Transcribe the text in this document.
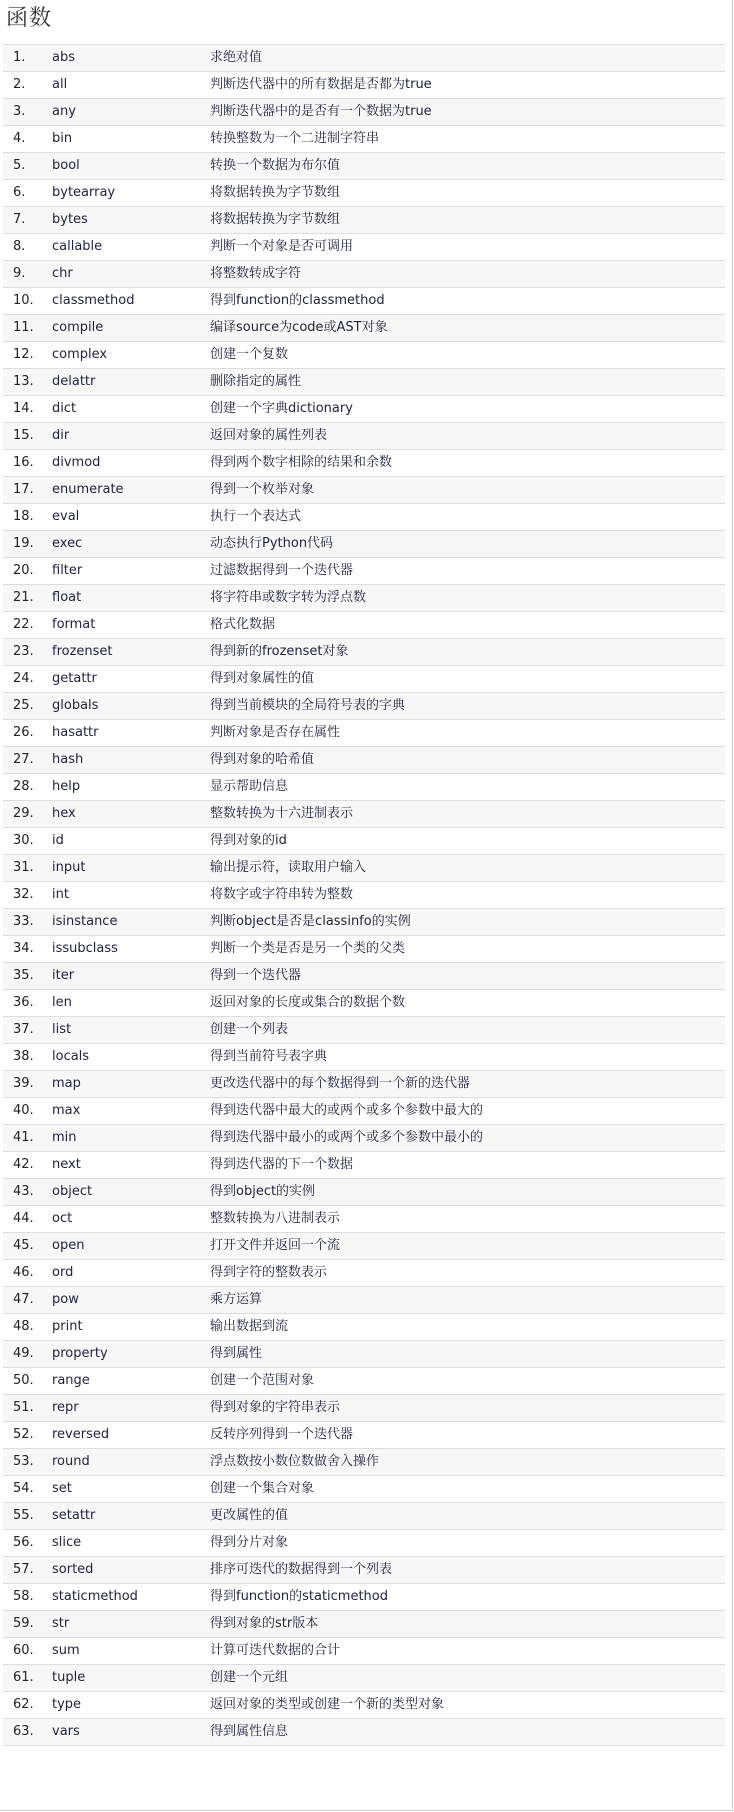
函数
1.	abs	求绝对值
2.	all	判断迭代器中的所有数据是否都为true
3.	any	判断迭代器中的是否有一个数据为true
4.	bin	转换整数为一个二进制字符串
5.	bool	转换一个数据为布尔值
6.	bytearray	将数据转换为字节数组
7.	bytes	将数据转换为字节数组
8.	callable	判断一个对象是否可调用
9.	chr	将整数转成字符
10.	classmethod	得到function的classmethod
11.	compile	编译source为code或AST对象
12.	complex	创建一个复数
13.	delattr	删除指定的属性
14.	dict	创建一个字典dictionary
15.	dir	返回对象的属性列表
16.	divmod	得到两个数字相除的结果和余数
17.	enumerate	得到一个枚举对象
18.	eval	执行一个表达式
19.	exec	动态执行Python代码
20.	filter	过滤数据得到一个迭代器
21.	float	将字符串或数字转为浮点数
22.	format	格式化数据
23.	frozenset	得到新的frozenset对象
24.	getattr	得到对象属性的值
25.	globals	得到当前模块的全局符号表的字典
26.	hasattr	判断对象是否存在属性
27.	hash	得到对象的哈希值
28.	help	显示帮助信息
29.	hex	整数转换为十六进制表示
30.	id	得到对象的id
31.	input	输出提示符，读取用户输入
32.	int	将数字或字符串转为整数
33.	isinstance	判断object是否是classinfo的实例
34.	issubclass	判断一个类是否是另一个类的父类
35.	iter	得到一个迭代器
36.	len	返回对象的长度或集合的数据个数
37.	list	创建一个列表
38.	locals	得到当前符号表字典
39.	map	更改迭代器中的每个数据得到一个新的迭代器
40.	max	得到迭代器中最大的或两个或多个参数中最大的
41.	min	得到迭代器中最小的或两个或多个参数中最小的
42.	next	得到迭代器的下一个数据
43.	object	得到object的实例
44.	oct	整数转换为八进制表示
45.	open	打开文件并返回一个流
46.	ord	得到字符的整数表示
47.	pow	乘方运算
48.	print	输出数据到流
49.	property	得到属性
50.	range	创建一个范围对象
51.	repr	得到对象的字符串表示
52.	reversed	反转序列得到一个迭代器
53.	round	浮点数按小数位数做舍入操作
54.	set	创建一个集合对象
55.	setattr	更改属性的值
56.	slice	得到分片对象
57.	sorted	排序可迭代的数据得到一个列表
58.	staticmethod	得到function的staticmethod
59.	str	得到对象的str版本
60.	sum	计算可迭代数据的合计
61.	tuple	创建一个元组
62.	type	返回对象的类型或创建一个新的类型对象
63.	vars	得到属性信息
